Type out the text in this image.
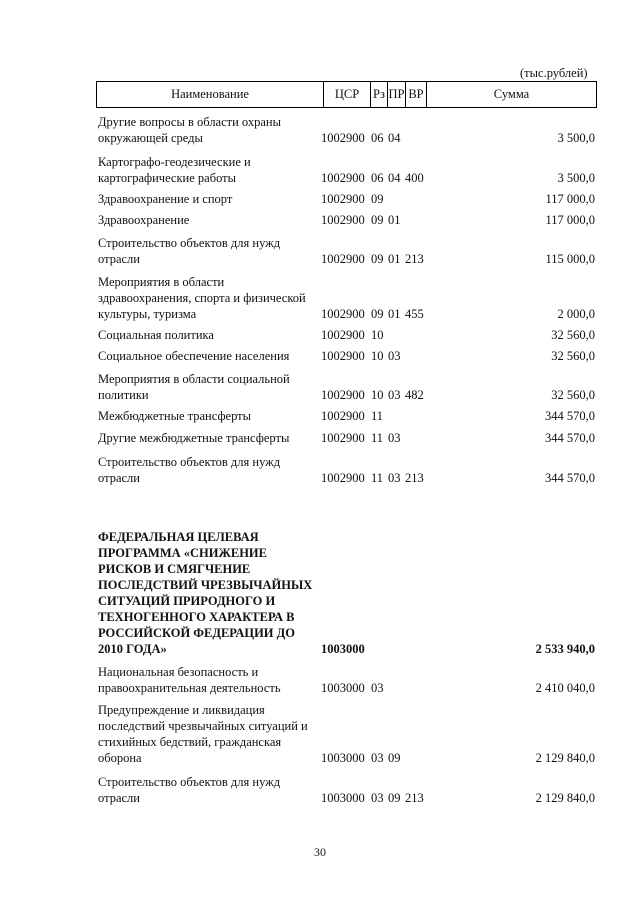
(тыс.рублей)
Наименование	ЦСР	Рз ПР ВР	Сумма
Другие вопросы в области охраны окружающей среды	1002900 06 04	3 500,0
Картографо-геодезические и картографические работы	1002900 06 04 400	3 500,0
Здравоохранение и спорт	1002900 09	117 000,0
Здравоохранение	1002900 09 01	117 000,0
Строительство объектов для нужд отрасли	1002900 09 01 213	115 000,0
Мероприятия в области здравоохранения, спорта и физической культуры, туризма	1002900 09 01 455	2 000,0
Социальная политика	1002900 10	32 560,0
Социальное обеспечение населения	1002900 10 03	32 560,0
Мероприятия в области социальной политики	1002900 10 03 482	32 560,0
Межбюджетные трансферты	1002900 11	344 570,0
Другие межбюджетные трансферты	1002900 11 03	344 570,0
Строительство объектов для нужд отрасли	1002900 11 03 213	344 570,0
ФЕДЕРАЛЬНАЯ ЦЕЛЕВАЯ ПРОГРАММА «СНИЖЕНИЕ РИСКОВ И СМЯГЧЕНИЕ ПОСЛЕДСТВИЙ ЧРЕЗВЫЧАЙНЫХ СИТУАЦИЙ ПРИРОДНОГО И ТЕХНОГЕННОГО ХАРАКТЕРА В РОССИЙСКОЙ ФЕДЕРАЦИИ ДО 2010 ГОДА»	1003000	2 533 940,0
Национальная безопасность и правоохранительная деятельность	1003000 03	2 410 040,0
Предупреждение и ликвидация последствий чрезвычайных ситуаций и стихийных бедствий, гражданская оборона	1003000 03 09	2 129 840,0
Строительство объектов для нужд отрасли	1003000 03 09 213	2 129 840,0
30
